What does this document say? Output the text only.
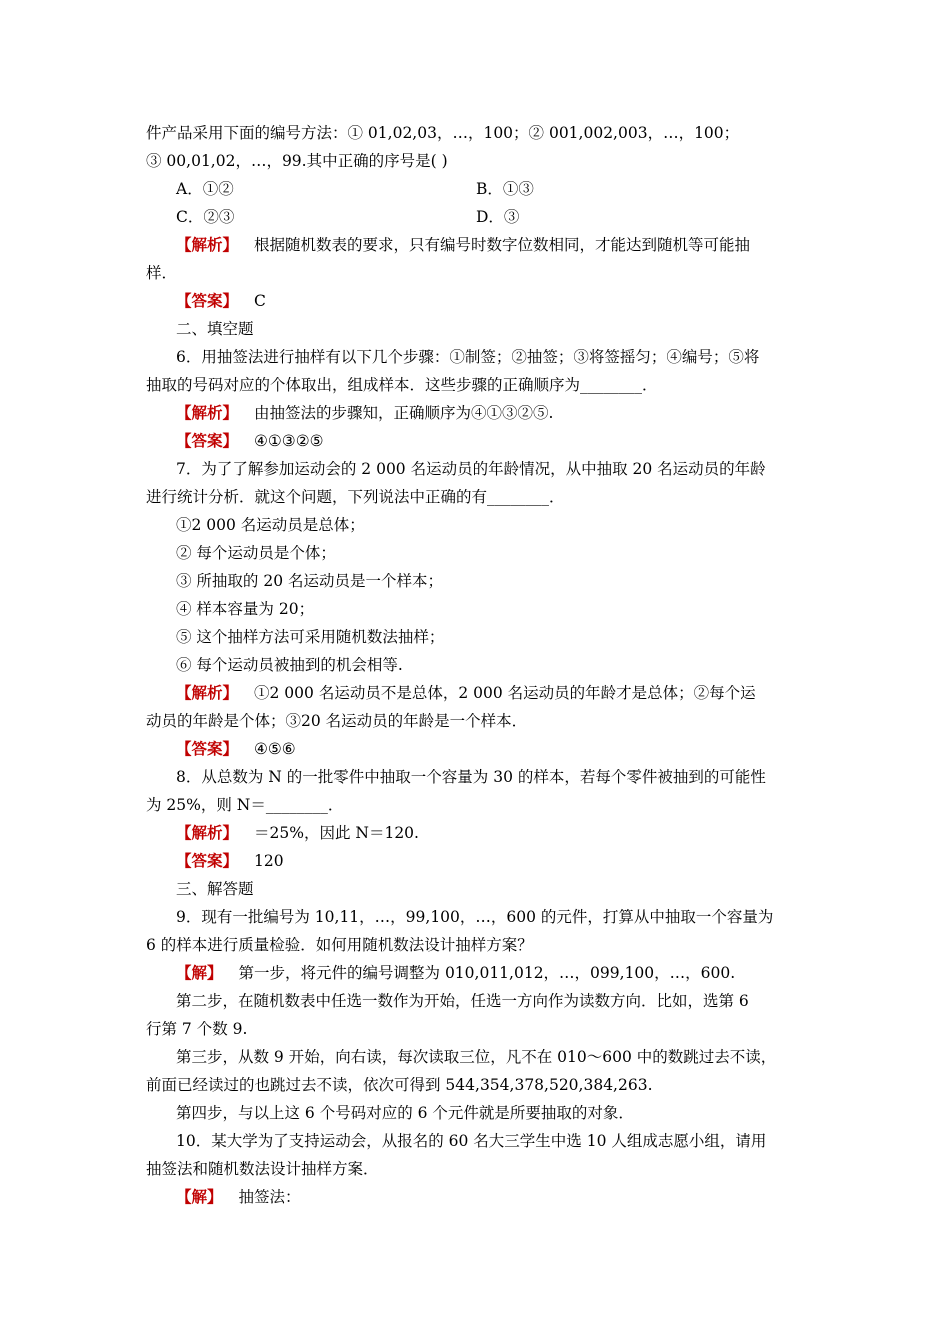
件产品采用下面的编号方法：① 01,02,03，…，100；② 001,002,003，…，100；
③ 00,01,02，…，99.其中正确的序号是( )
A．①②	B．①③
C．②③	D．③
【解析】 根据随机数表的要求，只有编号时数字位数相同，才能达到随机等可能抽
样．
【答案】 C
二、填空题
6．用抽签法进行抽样有以下几个步骤：①制签；②抽签；③将签摇匀；④编号；⑤将
抽取的号码对应的个体取出，组成样本．这些步骤的正确顺序为________．
【解析】 由抽签法的步骤知，正确顺序为④①③②⑤.
【答案】 ④①③②⑤
7．为了了解参加运动会的 2 000 名运动员的年龄情况，从中抽取 20 名运动员的年龄
进行统计分析．就这个问题，下列说法中正确的有________．
①2 000 名运动员是总体；
② 每个运动员是个体；
③ 所抽取的 20 名运动员是一个样本；
④ 样本容量为 20；
⑤ 这个抽样方法可采用随机数法抽样；
⑥ 每个运动员被抽到的机会相等.
【解析】 ①2 000 名运动员不是总体，2 000 名运动员的年龄才是总体；②每个运
动员的年龄是个体；③20 名运动员的年龄是一个样本．
【答案】 ④⑤⑥
8．从总数为 N 的一批零件中抽取一个容量为 30 的样本，若每个零件被抽到的可能性
为 25%，则 N＝________．
【解析】 ＝25%，因此 N＝120.
【答案】 120
三、解答题
9．现有一批编号为 10,11，…，99,100，…，600 的元件，打算从中抽取一个容量为
6 的样本进行质量检验．如何用随机数法设计抽样方案？
【解】 第一步，将元件的编号调整为 010,011,012，…，099,100，…，600.
第二步，在随机数表中任选一数作为开始，任选一方向作为读数方向．比如，选第 6
行第 7 个数 9.
第三步，从数 9 开始，向右读，每次读取三位，凡不在 010～600 中的数跳过去不读，
前面已经读过的也跳过去不读，依次可得到 544,354,378,520,384,263.
第四步，与以上这 6 个号码对应的 6 个元件就是所要抽取的对象．
10．某大学为了支持运动会，从报名的 60 名大三学生中选 10 人组成志愿小组，请用
抽签法和随机数法设计抽样方案．
【解】 抽签法：
